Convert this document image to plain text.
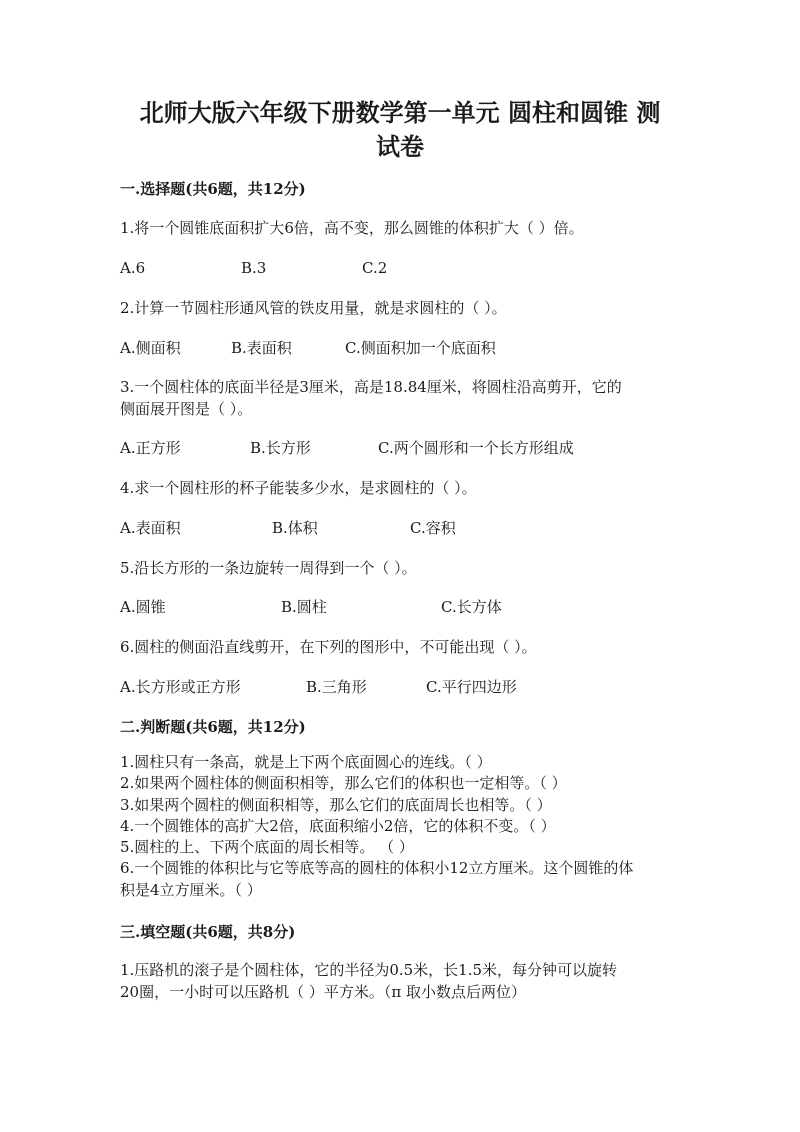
北师大版六年级下册数学第一单元 圆柱和圆锥 测
试卷
一.选择题(共6题，共12分)
1.将一个圆锥底面积扩大6倍，高不变，那么圆锥的体积扩大（ ）倍。
A.6	B.3	C.2
2.计算一节圆柱形通风管的铁皮用量，就是求圆柱的（ ）。
A.侧面积	B.表面积	C.侧面积加一个底面积
3.一个圆柱体的底面半径是3厘米，高是18.84厘米，将圆柱沿高剪开，它的
侧面展开图是（ ）。
A.正方形	B.长方形	C.两个圆形和一个长方形组成
4.求一个圆柱形的杯子能装多少水，是求圆柱的（ ）。
A.表面积	B.体积	C.容积
5.沿长方形的一条边旋转一周得到一个（ ）。
A.圆锥	B.圆柱	C.长方体
6.圆柱的侧面沿直线剪开，在下列的图形中，不可能出现（ ）。
A.长方形或正方形	B.三角形	C.平行四边形
二.判断题(共6题，共12分)
1.圆柱只有一条高，就是上下两个底面圆心的连线。（ ）
2.如果两个圆柱体的侧面积相等，那么它们的体积也一定相等。（ ）
3.如果两个圆柱的侧面积相等，那么它们的底面周长也相等。（ ）
4.一个圆锥体的高扩大2倍，底面积缩小2倍，它的体积不变。（ ）
5.圆柱的上、下两个底面的周长相等。 （ ）
6.一个圆锥的体积比与它等底等高的圆柱的体积小12立方厘米。这个圆锥的体
积是4立方厘米。（ ）
三.填空题(共6题，共8分)
1.压路机的滚子是个圆柱体，它的半径为0.5米，长1.5米，每分钟可以旋转
20圈，一小时可以压路机（ ）平方米。（π 取小数点后两位）
